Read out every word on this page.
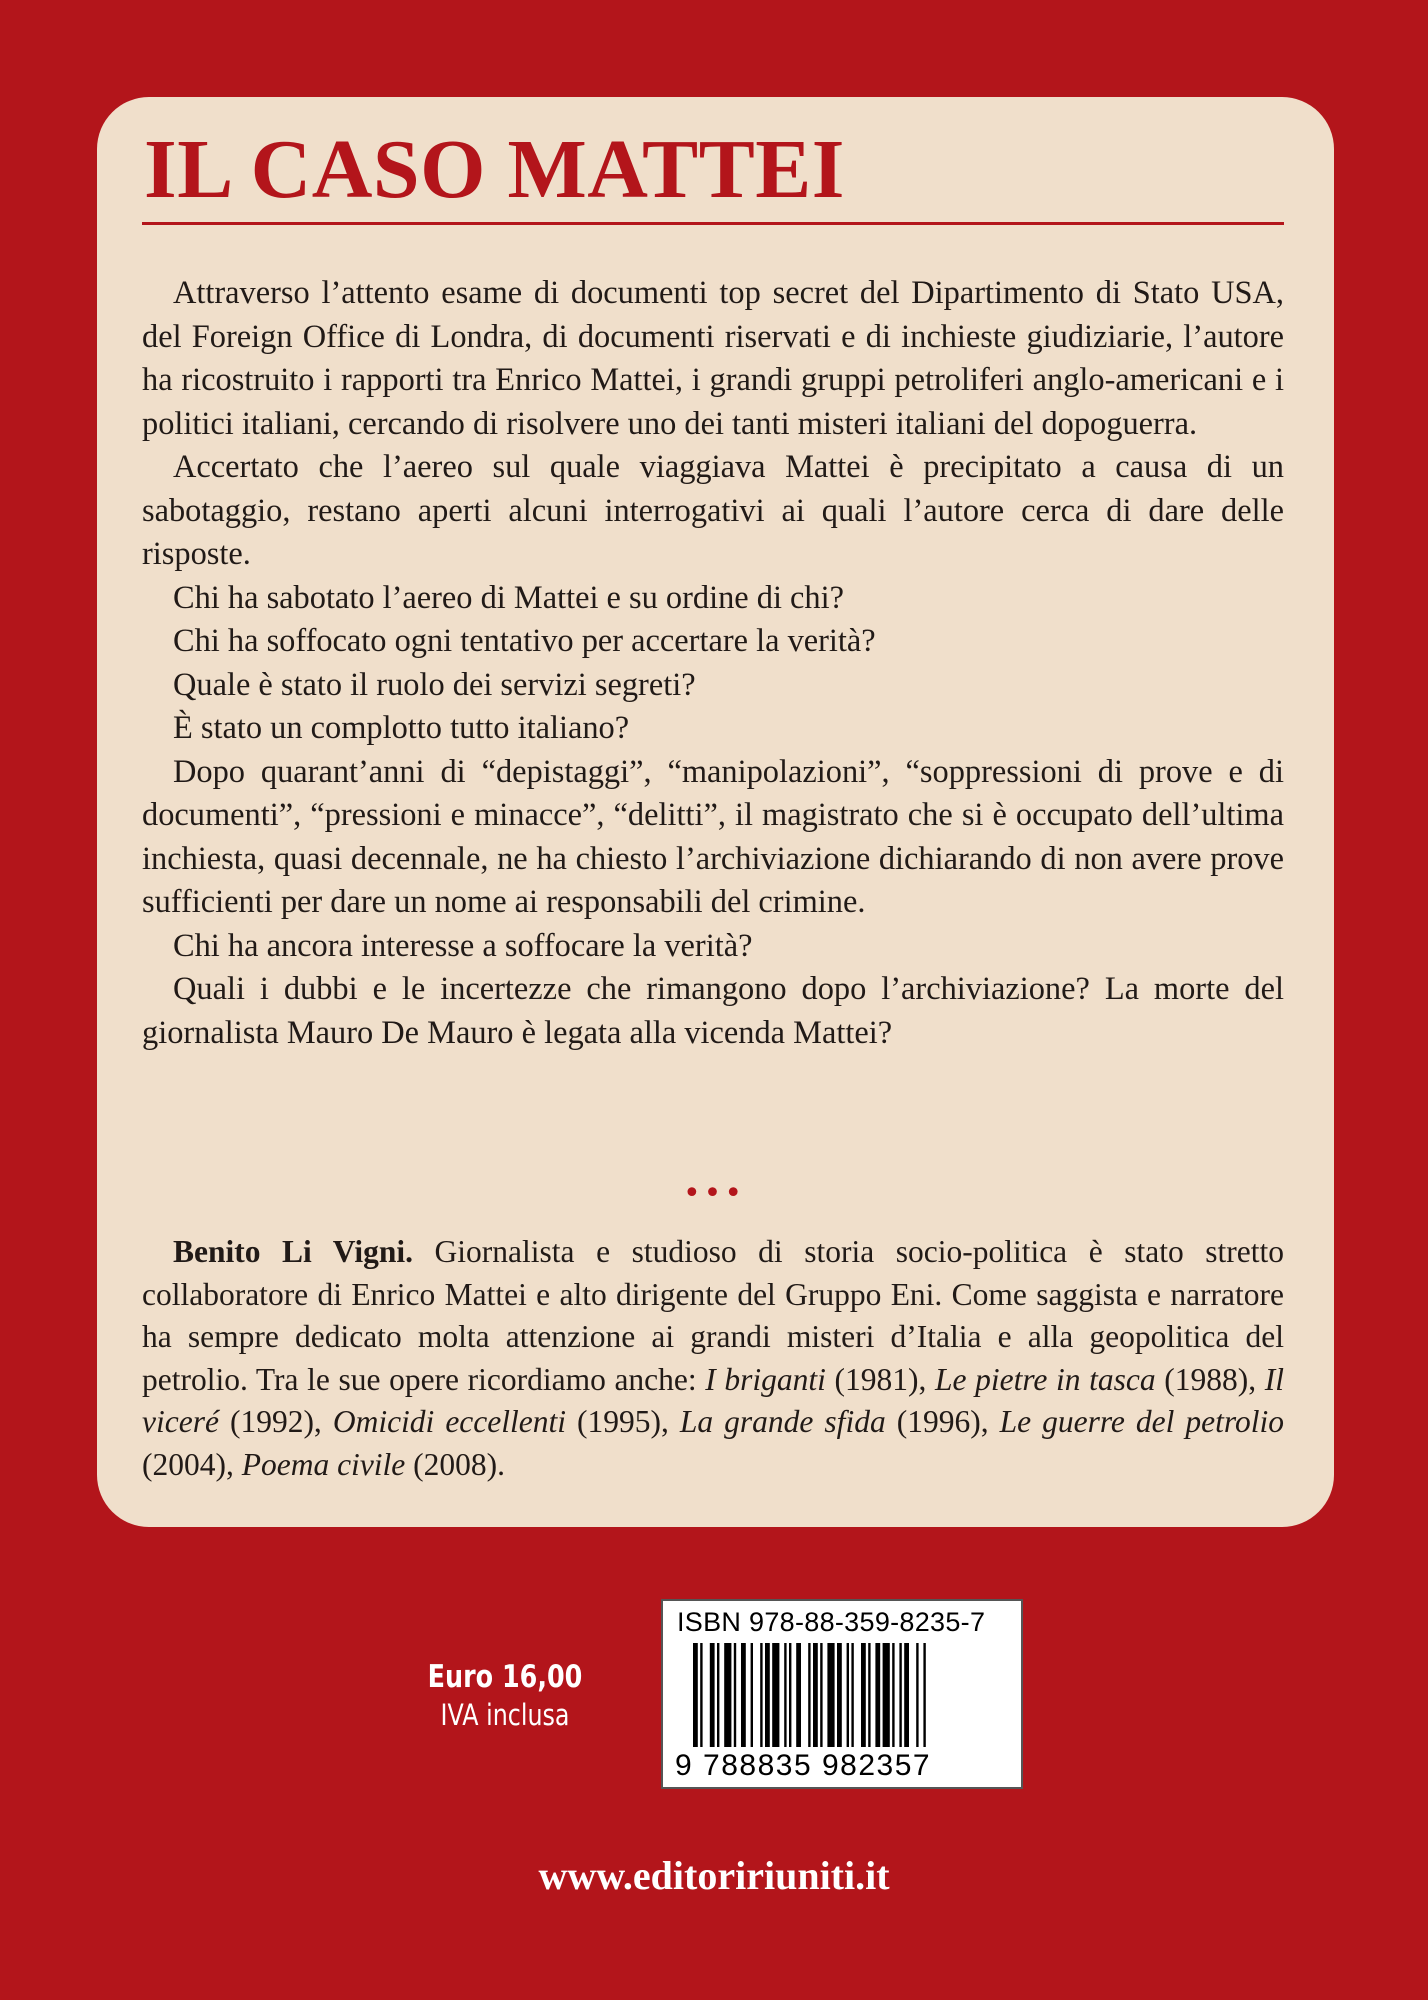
IL CASO MATTEI

Attraverso l’attento esame di documenti top secret del Dipartimento di Stato USA, del Foreign Office di Londra, di documenti riservati e di inchieste giudiziarie, l’autore ha ricostruito i rapporti tra Enrico Mattei, i grandi gruppi petroliferi anglo-americani e i politici italiani, cercando di risolvere uno dei tanti misteri italiani del dopoguerra.

Accertato che l’aereo sul quale viaggiava Mattei è precipitato a causa di un sabotaggio, restano aperti alcuni interrogativi ai quali l’autore cerca di dare delle risposte.

Chi ha sabotato l’aereo di Mattei e su ordine di chi?

Chi ha soffocato ogni tentativo per accertare la verità?

Quale è stato il ruolo dei servizi segreti?

È stato un complotto tutto italiano?

Dopo quarant’anni di “depistaggi”, “manipolazioni”, “soppressioni di prove e di documenti”, “pressioni e minacce”, “delitti”, il magistrato che si è occupato dell’ultima inchiesta, quasi decennale, ne ha chiesto l’archiviazione dichiarando di non avere prove sufficienti per dare un nome ai responsabili del crimine.

Chi ha ancora interesse a soffocare la verità?

Quali i dubbi e le incertezze che rimangono dopo l’archiviazione? La morte del giornalista Mauro De Mauro è legata alla vicenda Mattei?

•••

Benito Li Vigni. Giornalista e studioso di storia socio-politica è stato stretto collaboratore di Enrico Mattei e alto dirigente del Gruppo Eni. Come saggista e narratore ha sempre dedicato molta attenzione ai grandi misteri d’Italia e alla geopolitica del petrolio. Tra le sue opere ricordiamo anche: I briganti (1981), Le pietre in tasca (1988), Il viceré (1992), Omicidi eccellenti (1995), La grande sfida (1996), Le guerre del petrolio (2004), Poema civile (2008).

Euro 16,00
IVA inclusa

ISBN 978-88-359-8235-7

9 788835 982357

www.editoririuniti.it
